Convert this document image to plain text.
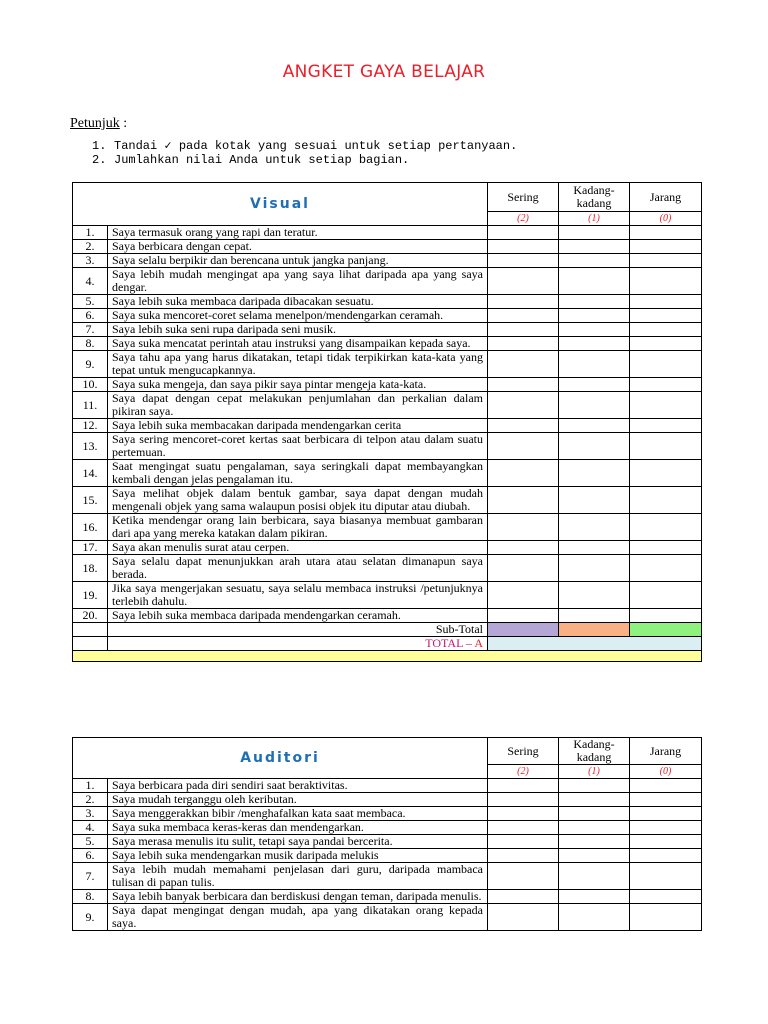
ANGKET GAYA BELAJAR
Petunjuk :
1. Tandai ✓ pada kotak yang sesuai untuk setiap pertanyaan.
2. Jumlahkan nilai Anda untuk setiap bagian.
Visual		Sering	Kadang-kadang	Jarang
		(2)	(1)	(0)
1.	Saya termasuk orang yang rapi dan teratur.			
2.	Saya berbicara dengan cepat.			
3.	Saya selalu berpikir dan berencana untuk jangka panjang.			
4.	Saya lebih mudah mengingat apa yang saya lihat daripada apa yang saya dengar.			
5.	Saya lebih suka membaca daripada dibacakan sesuatu.			
6.	Saya suka mencoret-coret selama menelpon/mendengarkan ceramah.			
7.	Saya lebih suka seni rupa daripada seni musik.			
8.	Saya suka mencatat perintah atau instruksi yang disampaikan kepada saya.			
9.	Saya tahu apa yang harus dikatakan, tetapi tidak terpikirkan kata-kata yang tepat untuk mengucapkannya.			
10.	Saya suka mengeja, dan saya pikir saya pintar mengeja kata-kata.			
11.	Saya dapat dengan cepat melakukan penjumlahan dan perkalian dalam pikiran saya.			
12.	Saya lebih suka membacakan daripada mendengarkan cerita			
13.	Saya sering mencoret-coret kertas saat berbicara di telpon atau dalam suatu pertemuan.			
14.	Saat mengingat suatu pengalaman, saya seringkali dapat membayangkan kembali dengan jelas pengalaman itu.			
15.	Saya melihat objek dalam bentuk gambar, saya dapat dengan mudah mengenali objek yang sama walaupun posisi objek itu diputar atau diubah.			
16.	Ketika mendengar orang lain berbicara, saya biasanya membuat gambaran dari apa yang mereka katakan dalam pikiran.			
17.	Saya akan menulis surat atau cerpen.			
18.	Saya selalu dapat menunjukkan arah utara atau selatan dimanapun saya berada.			
19.	Jika saya mengerjakan sesuatu, saya selalu membaca instruksi /petunjuknya terlebih dahulu.			
20.	Saya lebih suka membaca daripada mendengarkan ceramah.			
	Sub-Total			
	TOTAL – A			

Auditori		Sering	Kadang-kadang	Jarang
		(2)	(1)	(0)
1.	Saya berbicara pada diri sendiri saat beraktivitas.			
2.	Saya mudah terganggu oleh keributan.			
3.	Saya menggerakkan bibir /menghafalkan kata saat membaca.			
4.	Saya suka membaca keras-keras dan mendengarkan.			
5.	Saya merasa menulis itu sulit, tetapi saya pandai bercerita.			
6.	Saya lebih suka mendengarkan musik daripada melukis			
7.	Saya lebih mudah memahami penjelasan dari guru, daripada mambaca tulisan di papan tulis.			
8.	Saya lebih banyak berbicara dan berdiskusi dengan teman, daripada menulis.			
9.	Saya dapat mengingat dengan mudah, apa yang dikatakan orang kepada saya.			
